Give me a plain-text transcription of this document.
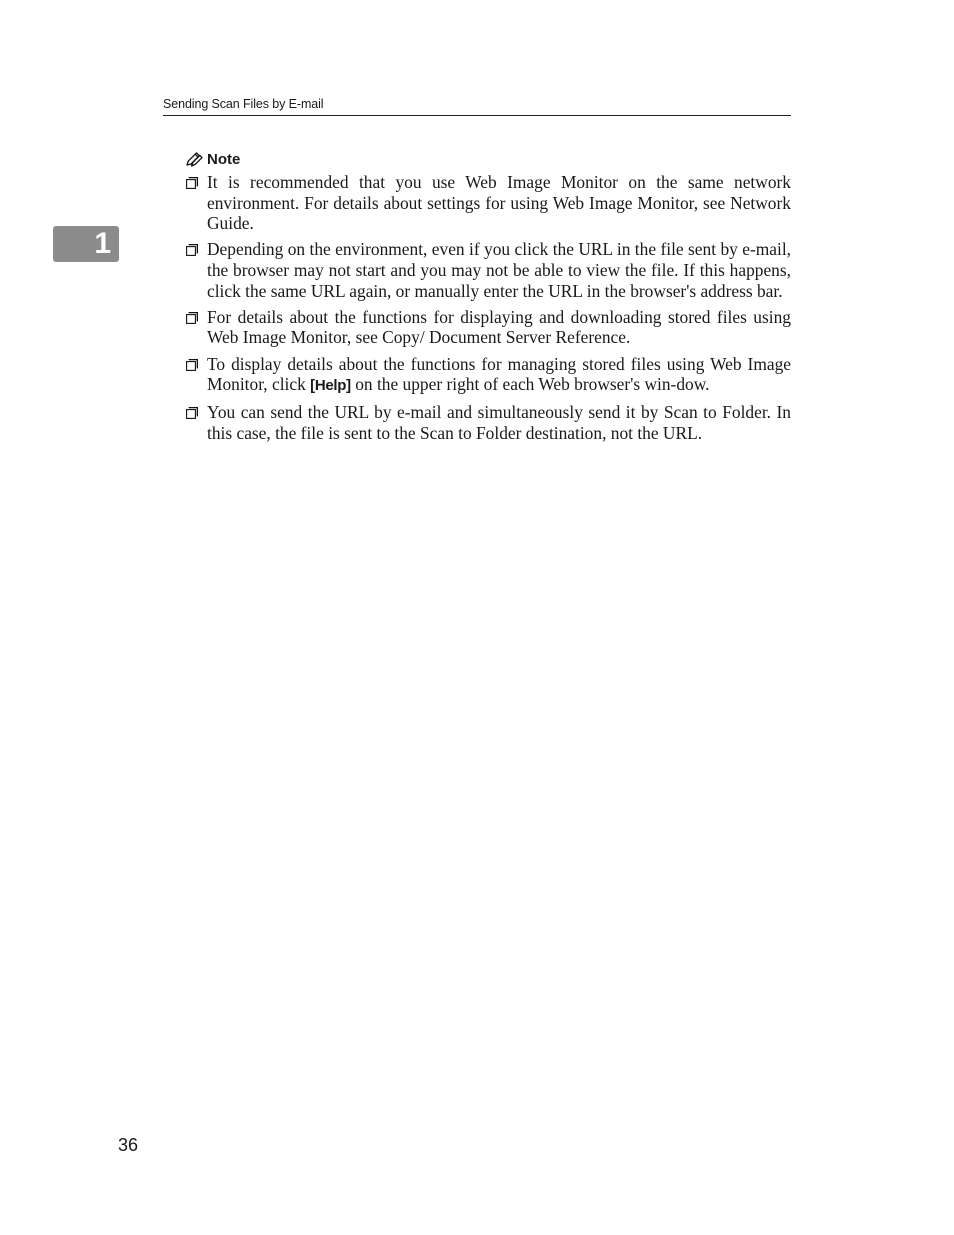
Sending Scan Files by E-mail
1
Note
It is recommended that you use Web Image Monitor on the same network environment. For details about settings for using Web Image Monitor, see Network Guide.
Depending on the environment, even if you click the URL in the file sent by e-mail, the browser may not start and you may not be able to view the file. If this happens, click the same URL again, or manually enter the URL in the browser's address bar.
For details about the functions for displaying and downloading stored files using Web Image Monitor, see Copy/ Document Server Reference.
To display details about the functions for managing stored files using Web Image Monitor, click [Help] on the upper right of each Web browser's win-dow.
You can send the URL by e-mail and simultaneously send it by Scan to Folder. In this case, the file is sent to the Scan to Folder destination, not the URL.
36
